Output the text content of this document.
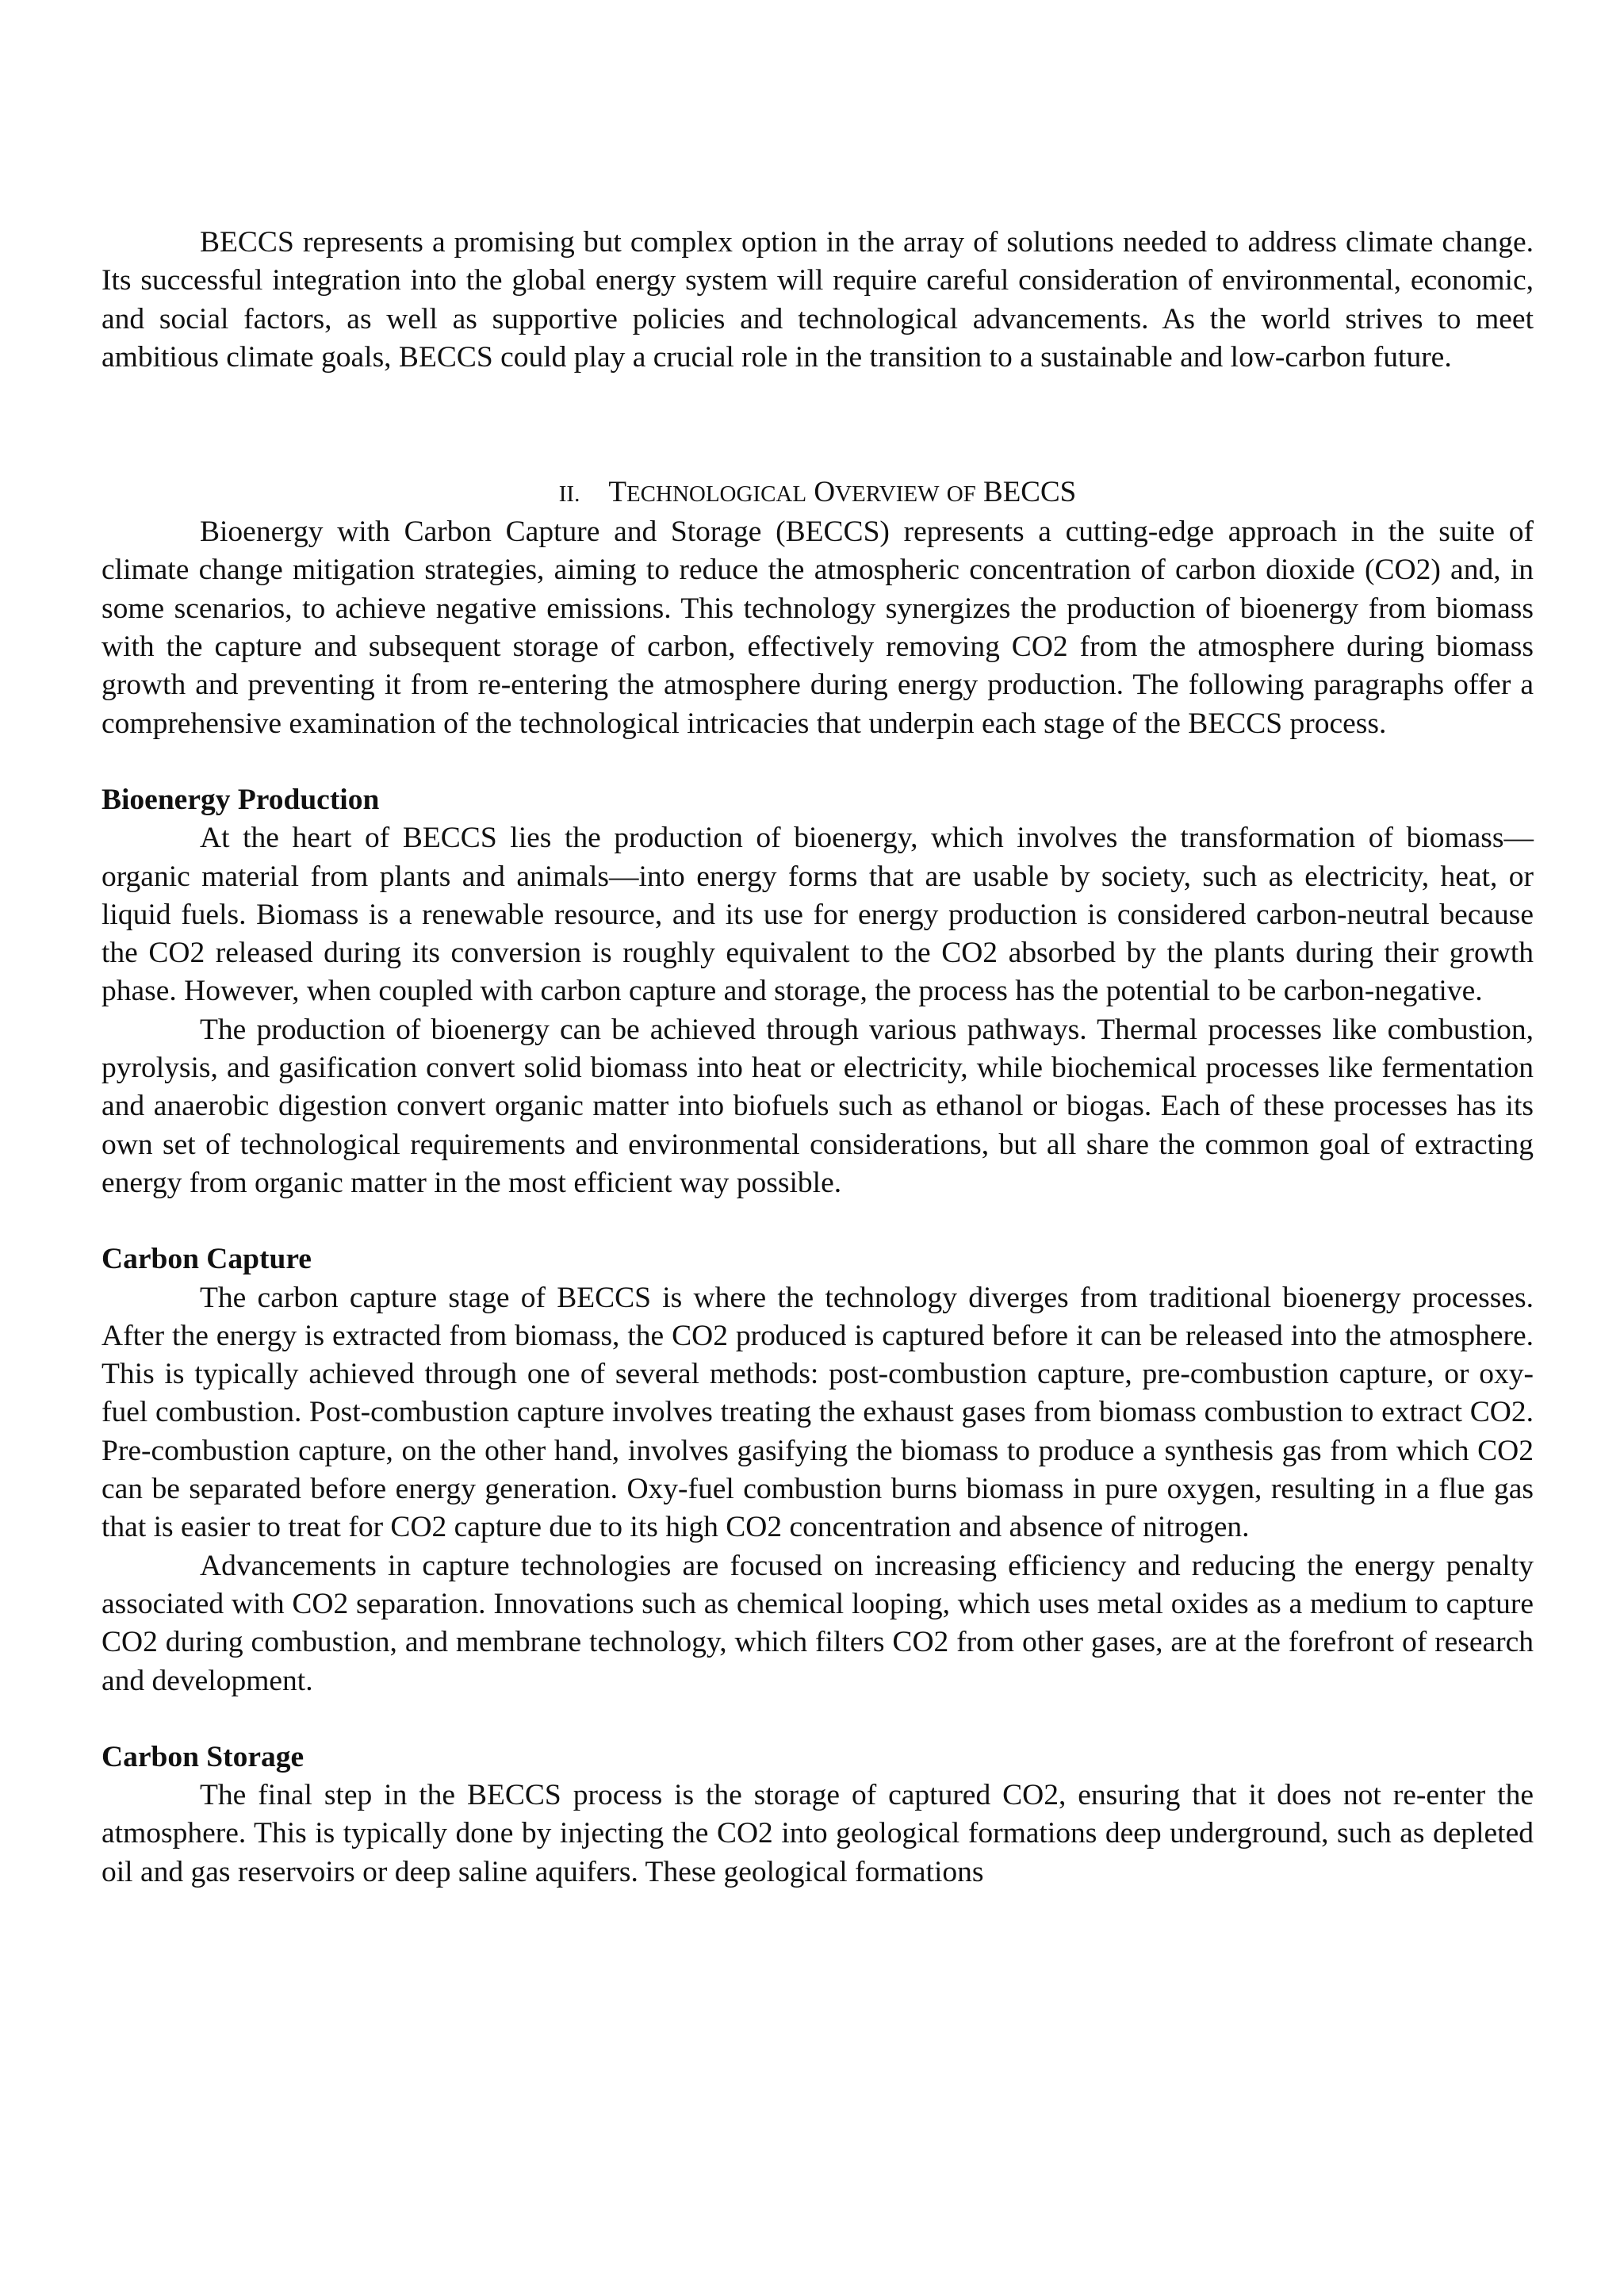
BECCS represents a promising but complex option in the array of solutions needed to address climate change. Its successful integration into the global energy system will require careful consideration of environmental, economic, and social factors, as well as supportive policies and technological advancements. As the world strives to meet ambitious climate goals, BECCS could play a crucial role in the transition to a sustainable and low-carbon future.

II. TECHNOLOGICAL OVERVIEW OF BECCS

Bioenergy with Carbon Capture and Storage (BECCS) represents a cutting-edge approach in the suite of climate change mitigation strategies, aiming to reduce the atmospheric concentration of carbon dioxide (CO2) and, in some scenarios, to achieve negative emissions. This technology synergizes the production of bioenergy from biomass with the capture and subsequent storage of carbon, effectively removing CO2 from the atmosphere during biomass growth and preventing it from re-entering the atmosphere during energy production. The following paragraphs offer a comprehensive examination of the technological intricacies that underpin each stage of the BECCS process.

Bioenergy Production

At the heart of BECCS lies the production of bioenergy, which involves the transformation of biomass—organic material from plants and animals—into energy forms that are usable by society, such as electricity, heat, or liquid fuels. Biomass is a renewable resource, and its use for energy production is considered carbon-neutral because the CO2 released during its conversion is roughly equivalent to the CO2 absorbed by the plants during their growth phase. However, when coupled with carbon capture and storage, the process has the potential to be carbon-negative.

The production of bioenergy can be achieved through various pathways. Thermal processes like combustion, pyrolysis, and gasification convert solid biomass into heat or electricity, while biochemical processes like fermentation and anaerobic digestion convert organic matter into biofuels such as ethanol or biogas. Each of these processes has its own set of technological requirements and environmental considerations, but all share the common goal of extracting energy from organic matter in the most efficient way possible.

Carbon Capture

The carbon capture stage of BECCS is where the technology diverges from traditional bioenergy processes. After the energy is extracted from biomass, the CO2 produced is captured before it can be released into the atmosphere. This is typically achieved through one of several methods: post-combustion capture, pre-combustion capture, or oxy-fuel combustion. Post-combustion capture involves treating the exhaust gases from biomass combustion to extract CO2. Pre-combustion capture, on the other hand, involves gasifying the biomass to produce a synthesis gas from which CO2 can be separated before energy generation. Oxy-fuel combustion burns biomass in pure oxygen, resulting in a flue gas that is easier to treat for CO2 capture due to its high CO2 concentration and absence of nitrogen.

Advancements in capture technologies are focused on increasing efficiency and reducing the energy penalty associated with CO2 separation. Innovations such as chemical looping, which uses metal oxides as a medium to capture CO2 during combustion, and membrane technology, which filters CO2 from other gases, are at the forefront of research and development.

Carbon Storage

The final step in the BECCS process is the storage of captured CO2, ensuring that it does not re-enter the atmosphere. This is typically done by injecting the CO2 into geological formations deep underground, such as depleted oil and gas reservoirs or deep saline aquifers. These geological formations
